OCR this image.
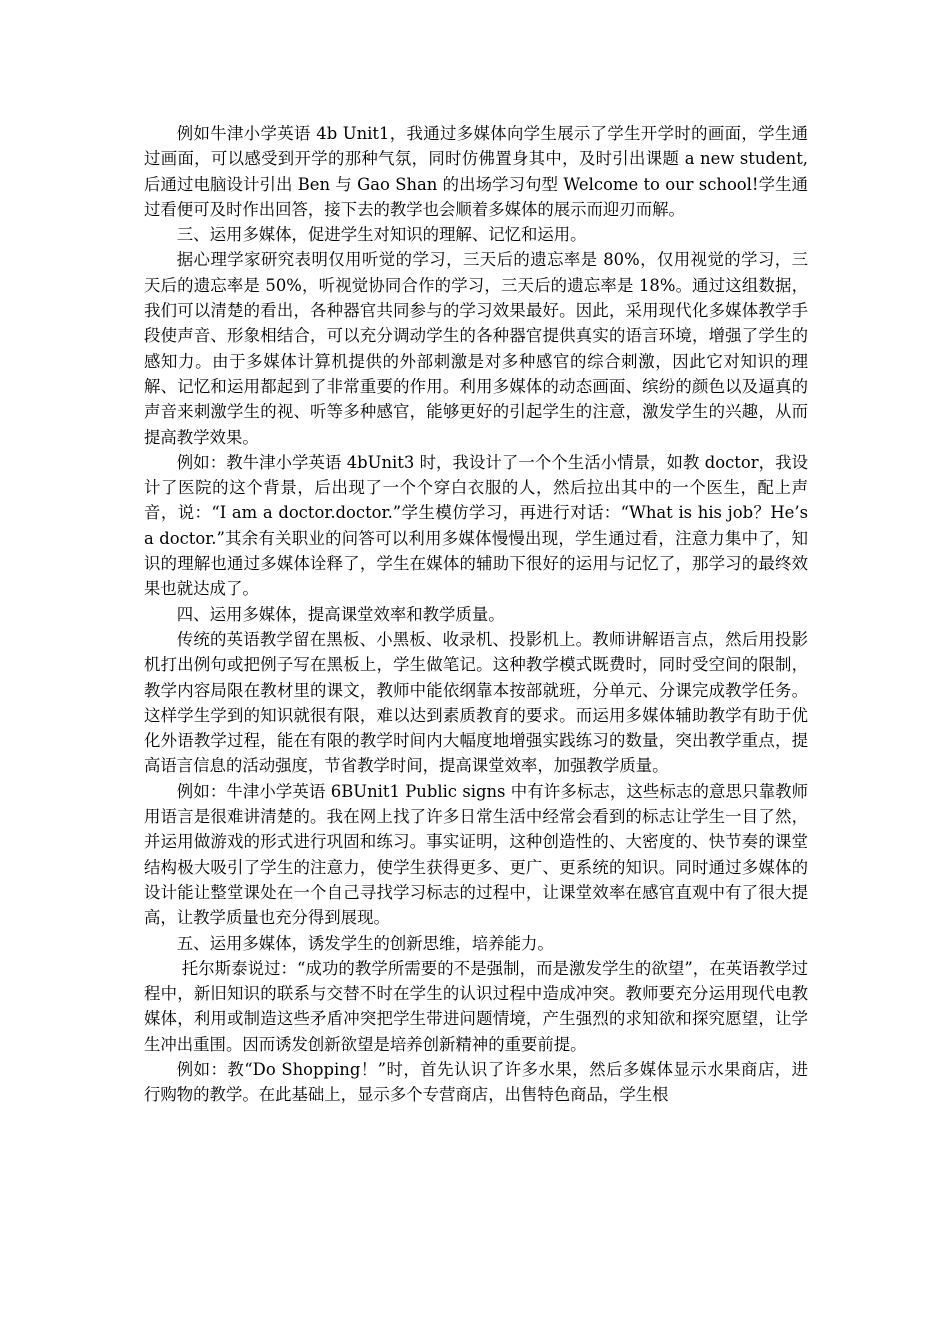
例如牛津小学英语 4b Unit1，我通过多媒体向学生展示了学生开学时的画面，学生通过画面，可以感受到开学的那种气氛，同时仿佛置身其中，及时引出课题 a new student,后通过电脑设计引出 Ben 与 Gao Shan 的出场学习句型 Welcome to our school!学生通过看便可及时作出回答，接下去的教学也会顺着多媒体的展示而迎刃而解。

三、运用多媒体，促进学生对知识的理解、记忆和运用。

据心理学家研究表明仅用听觉的学习，三天后的遗忘率是 80%，仅用视觉的学习，三天后的遗忘率是 50%，听视觉协同合作的学习，三天后的遗忘率是 18%。通过这组数据，我们可以清楚的看出，各种器官共同参与的学习效果最好。因此，采用现代化多媒体教学手段使声音、形象相结合，可以充分调动学生的各种器官提供真实的语言环境，增强了学生的感知力。由于多媒体计算机提供的外部刺激是对多种感官的综合刺激，因此它对知识的理解、记忆和运用都起到了非常重要的作用。利用多媒体的动态画面、缤纷的颜色以及逼真的声音来刺激学生的视、听等多种感官，能够更好的引起学生的注意，激发学生的兴趣，从而提高教学效果。

例如：教牛津小学英语 4bUnit3 时，我设计了一个个生活小情景，如教 doctor，我设计了医院的这个背景，后出现了一个个穿白衣服的人，然后拉出其中的一个医生，配上声音，说：“I am a doctor.doctor.”学生模仿学习，再进行对话：“What is his job？He’s a doctor.”其余有关职业的问答可以利用多媒体慢慢出现，学生通过看，注意力集中了，知识的理解也通过多媒体诠释了，学生在媒体的辅助下很好的运用与记忆了，那学习的最终效果也就达成了。

四、运用多媒体，提高课堂效率和教学质量。

传统的英语教学留在黑板、小黑板、收录机、投影机上。教师讲解语言点，然后用投影机打出例句或把例子写在黑板上，学生做笔记。这种教学模式既费时，同时受空间的限制，教学内容局限在教材里的课文，教师中能依纲靠本按部就班，分单元、分课完成教学任务。这样学生学到的知识就很有限，难以达到素质教育的要求。而运用多媒体辅助教学有助于优化外语教学过程，能在有限的教学时间内大幅度地增强实践练习的数量，突出教学重点，提高语言信息的活动强度，节省教学时间，提高课堂效率，加强教学质量。

例如：牛津小学英语 6BUnit1 Public signs 中有许多标志，这些标志的意思只靠教师用语言是很难讲清楚的。我在网上找了许多日常生活中经常会看到的标志让学生一目了然，并运用做游戏的形式进行巩固和练习。事实证明，这种创造性的、大密度的、快节奏的课堂结构极大吸引了学生的注意力，使学生获得更多、更广、更系统的知识。同时通过多媒体的设计能让整堂课处在一个自己寻找学习标志的过程中，让课堂效率在感官直观中有了很大提高，让教学质量也充分得到展现。

五、运用多媒体，诱发学生的创新思维，培养能力。

托尔斯泰说过：“成功的教学所需要的不是强制，而是激发学生的欲望”，在英语教学过程中，新旧知识的联系与交替不时在学生的认识过程中造成冲突。教师要充分运用现代电教媒体，利用或制造这些矛盾冲突把学生带进问题情境，产生强烈的求知欲和探究愿望，让学生冲出重围。因而诱发创新欲望是培养创新精神的重要前提。

例如：教“Do Shopping！”时，首先认识了许多水果，然后多媒体显示水果商店，进行购物的教学。在此基础上，显示多个专营商店，出售特色商品，学生根
